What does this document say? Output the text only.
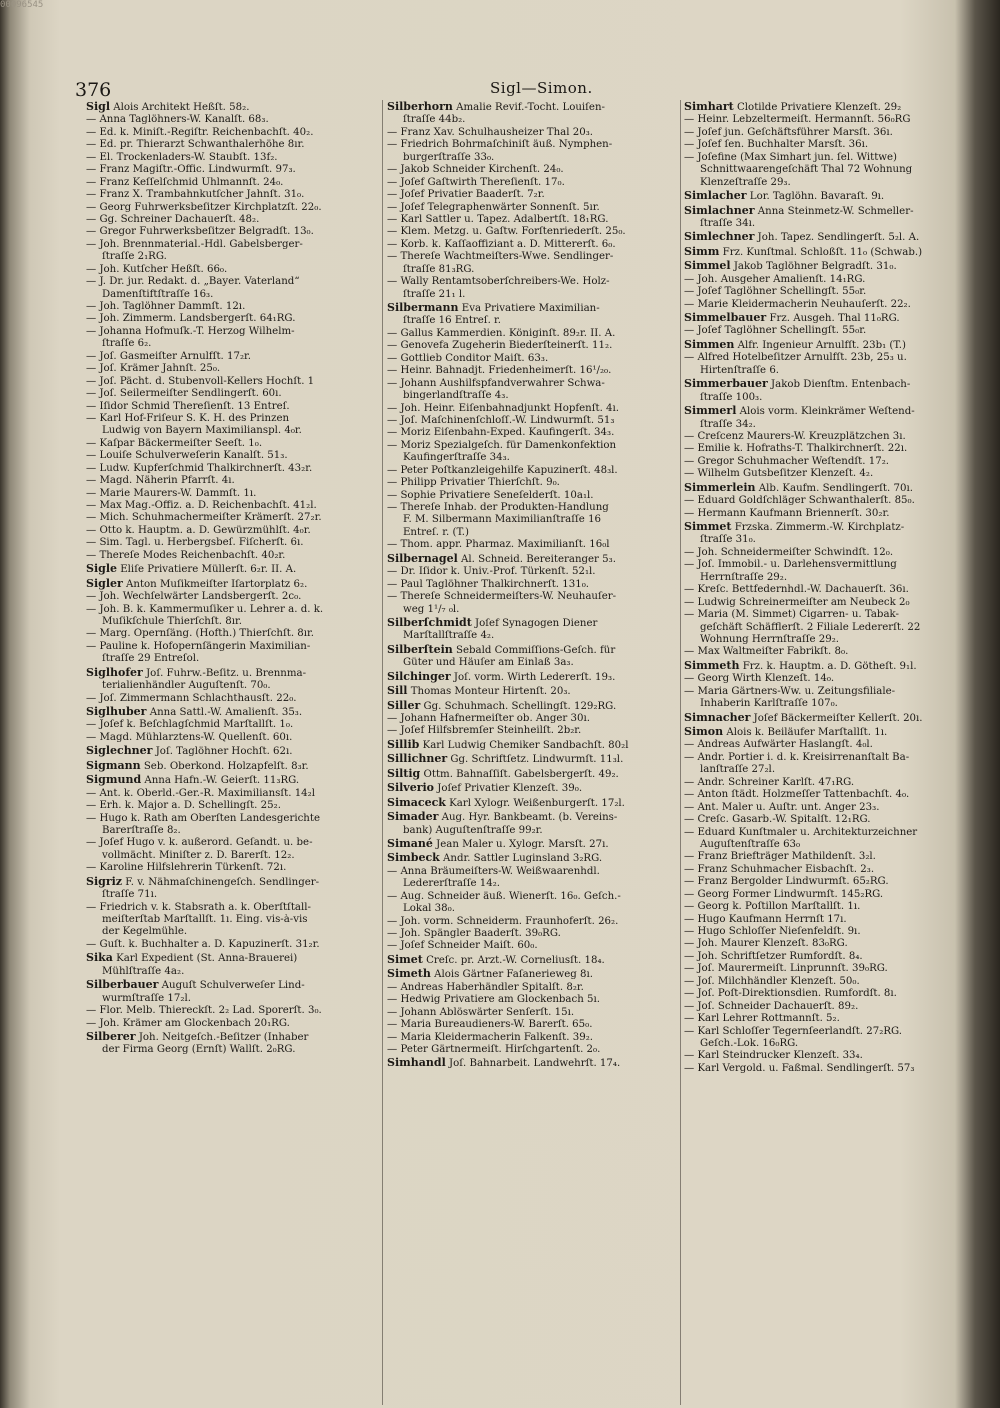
00096545
376	Sigl—Simon.
Sigl Alois Architekt Heßſt. 58₂.
— Anna Taglöhners-W. Kanalſt. 68₃.
— Ed. k. Miniſt.-Regiſtr. Reichenbachſt. 40₂.
— Ed. pr. Thierarzt Schwanthalerhöhe 8ır.
— El. Trockenladers-W. Staubſt. 13f₂.
— Franz Magiſtr.-Offic. Lindwurmſt. 97₃.
— Franz Keſſelſchmid Uhlmannſt. 24₀.
— Franz X. Trambahnkutſcher Jahnſt. 31₀.
— Georg Fuhrwerksbeſitzer Kirchplatzſt. 22₀.
— Gg. Schreiner Dachauerſt. 48₂.
— Gregor Fuhrwerksbeſitzer Belgradſt. 13₀.
— Joh. Brennmaterial.-Hdl. Gabelsberger-
ſtraſſe 2₁RG.
— Joh. Kutſcher Heßſt. 66₀.
— J. Dr. jur. Redakt. d. „Bayer. Vaterland“
Damenſtiftſtraſſe 16₃.
— Joh. Taglöhner Dammſt. 12ı.
— Joh. Zimmerm. Landsbergerſt. 64₁RG.
— Johanna Hofmuſk.-T. Herzog Wilhelm-
ſtraſſe 6₂.
— Joſ. Gasmeiſter Arnulfſt. 17₂r.
— Joſ. Krämer Jahnſt. 25₀.
— Joſ. Pächt. d. Stubenvoll-Kellers Hochſt. 1
— Joſ. Seilermeiſter Sendlingerſt. 60ı.
— Iſidor Schmid Thereſienſt. 13 Entreſ.
— Karl Hof-Friſeur S. K. H. des Prinzen
Ludwig von Bayern Maximilianspl. 4₀r.
— Kaſpar Bäckermeiſter Seeſt. 1₀.
— Louiſe Schulverweſerin Kanalſt. 51₃.
— Ludw. Kupferſchmid Thalkirchnerſt. 43₂r.
— Magd. Näherin Pfarrſt. 4ı.
— Marie Maurers-W. Dammſt. 1ı.
— Max Mag.-Offiz. a. D. Reichenbachſt. 41₂l.
— Mich. Schuhmachermeiſter Krämerſt. 27₂r.
— Otto k. Hauptm. a. D. Gewürzmühlſt. 4₀r.
— Sim. Tagl. u. Herbergsbeſ. Fiſcherſt. 6ı.
— Thereſe Modes Reichenbachſt. 40₂r.
Sigle Eliſe Privatiere Müllerſt. 6₂r. II. A.
Sigler Anton Muſikmeiſter Iſartorplatz 6₂.
— Joh. Wechſelwärter Landsbergerſt. 2c₀.
— Joh. B. k. Kammermuſiker u. Lehrer a. d. k.
Muſikſchule Thierſchſt. 8ır.
— Marg. Opernſäng. (Hofth.) Thierſchſt. 8ır.
— Pauline k. Hofopernſängerin Maximilian-
ſtraſſe 29 Entreſol.
Siglhofer Joſ. Fuhrw.-Beſitz. u. Brennma-
terialienhändler Auguſtenſt. 70₀.
— Joſ. Zimmermann Schlachthausſt. 22₀.
Siglhuber Anna Sattl.-W. Amalienſt. 35₃.
— Joſef k. Beſchlagſchmid Marſtallſt. 1₀.
— Magd. Mühlarztens-W. Quellenſt. 60ı.
Siglechner Joſ. Taglöhner Hochſt. 62ı.
Sigmann Seb. Oberkond. Holzapfelſt. 8₃r.
Sigmund Anna Hafn.-W. Geierſt. 11₃RG.
— Ant. k. Oberld.-Ger.-R. Maximiliansſt. 14₂l
— Erh. k. Major a. D. Schellingſt. 25₂.
— Hugo k. Rath am Oberſten Landesgerichte
Barerſtraſſe 8₂.
— Joſef Hugo v. k. außerord. Geſandt. u. be-
vollmächt. Miniſter z. D. Barerſt. 12₂.
— Karoline Hilfslehrerin Türkenſt. 72ı.
Sigriz F. v. Nähmaſchinengeſch. Sendlinger-
ſtraſſe 71ı.
— Friedrich v. k. Stabsrath a. k. Oberſtſtall-
meiſterſtab Marſtallſt. 1ı. Eing. vis-à-vis
der Kegelmühle.
— Guſt. k. Buchhalter a. D. Kapuzinerſt. 31₂r.
Sika Karl Expedient (St. Anna-Brauerei)
Mühlſtraſſe 4a₂.
Silberbauer Auguſt Schulverweſer Lind-
wurmſtraſſe 17₂l.
— Flor. Melb. Thiereckſt. 2₂ Lad. Sporerſt. 3₀.
— Joh. Krämer am Glockenbach 20₁RG.
Silberer Joh. Neitgeſch.-Beſitzer (Inhaber
der Firma Georg (Ernſt) Wallſt. 2₀RG.
Silberhorn Amalie Revif.-Tocht. Louiſen-
ſtraſſe 44b₂.
— Franz Xav. Schulhausheizer Thal 20₃.
— Friedrich Bohrmaſchiniſt äuß. Nymphen-
burgerſtraſſe 33₀.
— Jakob Schneider Kirchenſt. 24₀.
— Joſef Gaſtwirth Thereſienſt. 17₀.
— Joſef Privatier Baaderſt. 7₂r.
— Joſef Telegraphenwärter Sonnenſt. 5ır.
— Karl Sattler u. Tapez. Adalbertſt. 18₁RG.
— Klem. Metzg. u. Gaſtw. Forſtenriederſt. 25₀.
— Korb. k. Kaſſaoffiziant a. D. Mittererſt. 6₀.
— Thereſe Wachtmeiſters-Wwe. Sendlinger-
ſtraſſe 81₃RG.
— Wally Rentamtsoberſchreibers-We. Holz-
ſtraſſe 21₁ l.
Silbermann Eva Privatiere Maximilian-
ſtraſſe 16 Entreſ. r.
— Gallus Kammerdien. Königinſt. 89₂r. II. A.
— Genovefa Zugeherin Biederſteinerſt. 11₂.
— Gottlieb Conditor Maiſt. 63₃.
— Heinr. Bahnadjt. Friedenheimerſt. 16¹/₂₀.
— Johann Aushilfspfandverwahrer Schwa-
bingerlandſtraſſe 4₃.
— Joh. Heinr. Eiſenbahnadjunkt Hopfenſt. 4ı.
— Joſ. Maſchinenſchloſſ.-W. Lindwurmſt. 51₃
— Moriz Eiſenbahn-Exped. Kaufingerſt. 34₃.
— Moriz Spezialgeſch. für Damenkonfektion
Kaufingerſtraſſe 34₃.
— Peter Poſtkanzleigehilfe Kapuzinerſt. 48₃l.
— Philipp Privatier Thierſchſt. 9₀.
— Sophie Privatiere Seneſelderſt. 10a₁l.
— Thereſe Inhab. der Produkten-Handlung
F. M. Silbermann Maximilianſtraſſe 16
Entreſ. r. (T.)
— Thom. appr. Pharmaz. Maximilianſt. 16₀l
Silbernagel Al. Schneid. Bereiteranger 5₃.
— Dr. Iſidor k. Univ.-Prof. Türkenſt. 52₁l.
— Paul Taglöhner Thalkirchnerſt. 131₀.
— Thereſe Schneidermeiſters-W. Neuhauſer-
weg 1¹/₇ ₀l.
Silberſchmidt Joſef Synagogen Diener
Marſtallſtraſſe 4₂.
Silberſtein Sebald Commiſſions-Geſch. für
Güter und Häuſer am Einlaß 3a₃.
Silchinger Joſ. vorm. Wirth Ledererſt. 19₃.
Sill Thomas Monteur Hirtenſt. 20₃.
Siller Gg. Schuhmach. Schellingſt. 129₂RG.
— Johann Hafnermeiſter ob. Anger 30ı.
— Joſef Hilfsbremſer Steinheilſt. 2b₂r.
Sillib Karl Ludwig Chemiker Sandbachſt. 80₂l
Sillichner Gg. Schriftſetz. Lindwurmſt. 11₃l.
Siltig Ottm. Bahnaſſiſt. Gabelsbergerſt. 49₂.
Silverio Joſef Privatier Klenzeſt. 39₀.
Simaceck Karl Xylogr. Weißenburgerſt. 17₂l.
Simader Aug. Hyr. Bankbeamt. (b. Vereins-
bank) Auguſtenſtraſſe 99₂r.
Simané Jean Maler u. Xylogr. Marsſt. 27ı.
Simbeck Andr. Sattler Luginsland 3₂RG.
— Anna Bräumeiſters-W. Weißwaarenhdl.
Ledererſtraſſe 14₂.
— Aug. Schneider äuß. Wienerſt. 16₀. Geſch.-
Lokal 38₀.
— Joh. vorm. Schneiderm. Fraunhoferſt. 26₂.
— Joh. Spängler Baaderſt. 39₀RG.
— Joſef Schneider Maiſt. 60₀.
Simet Creſc. pr. Arzt.-W. Corneliusſt. 18₄.
Simeth Alois Gärtner Faſanerieweg 8ı.
— Andreas Haberhändler Spitalſt. 8₂r.
— Hedwig Privatiere am Glockenbach 5ı.
— Johann Ablöswärter Senſerſt. 15ı.
— Maria Bureaudieners-W. Barerſt. 65₀.
— Maria Kleidermacherin Falkenſt. 39₂.
— Peter Gärtnermeiſt. Hirſchgartenſt. 2₀.
Simhandl Joſ. Bahnarbeit. Landwehrſt. 17₄.
Simhart Clotilde Privatiere Klenzeſt. 29₂
— Heinr. Lebzeltermeiſt. Hermannſt. 56₀RG
— Joſef jun. Geſchäftsführer Marsſt. 36ı.
— Joſef ſen. Buchhalter Marsſt. 36ı.
— Joſefine (Max Simhart jun. ſel. Wittwe)
Schnittwaarengeſchäft Thal 72 Wohnung
Klenzeſtraſſe 29₃.
Simlacher Lor. Taglöhn. Bavaraſt. 9ı.
Simlachner Anna Steinmetz-W. Schmeller-
ſtraſſe 34ı.
Simlechner Joh. Tapez. Sendlingerſt. 5₂l. A.
Simm Frz. Kunſtmal. Schloßſt. 11₀ (Schwab.)
Simmel Jakob Taglöhner Belgradſt. 31₀.
— Joh. Ausgeher Amalienſt. 14₁RG.
— Joſef Taglöhner Schellingſt. 55₀r.
— Marie Kleidermacherin Neuhauſerſt. 22₂.
Simmelbauer Frz. Ausgeh. Thal 11₀RG.
— Joſef Taglöhner Schellingſt. 55₀r.
Simmen Alfr. Ingenieur Arnulfſt. 23b₁ (T.)
— Alfred Hotelbeſitzer Arnulfſt. 23b, 25₃ u.
Hirtenſtraſſe 6.
Simmerbauer Jakob Dienſtm. Entenbach-
ſtraſſe 100₃.
Simmerl Alois vorm. Kleinkrämer Weſtend-
ſtraſſe 34₂.
— Creſcenz Maurers-W. Kreuzplätzchen 3ı.
— Emilie k. Hofraths-T. Thalkirchnerſt. 22ı.
— Gregor Schuhmacher Weſtendſt. 17₂.
— Wilhelm Gutsbeſitzer Klenzeſt. 4₂.
Simmerlein Alb. Kaufm. Sendlingerſt. 70ı.
— Eduard Goldſchläger Schwanthalerſt. 85₀.
— Hermann Kaufmann Briennerſt. 30₂r.
Simmet Frzska. Zimmerm.-W. Kirchplatz-
ſtraſſe 31₀.
— Joh. Schneidermeiſter Schwindſt. 12₀.
— Joſ. Immobil.- u. Darlehensvermittlung
Herrnſtraſſe 29₂.
— Kreſc. Bettfedernhdl.-W. Dachauerſt. 36ı.
— Ludwig Schreinermeiſter am Neubeck 2₀
— Maria (M. Simmet) Cigarren- u. Tabak-
geſchäft Schäfflerſt. 2 Filiale Ledererſt. 22
Wohnung Herrnſtraſſe 29₂.
— Max Waltmeiſter Fabrikſt. 8₀.
Simmeth Frz. k. Hauptm. a. D. Götheſt. 9₁l.
— Georg Wirth Klenzeſt. 14₀.
— Maria Gärtners-Ww. u. Zeitungsfiliale-
Inhaberin Karlſtraſſe 107₀.
Simnacher Joſef Bäckermeiſter Kellerſt. 20ı.
Simon Alois k. Beiläufer Marſtallſt. 1ı.
— Andreas Aufwärter Haslangſt. 4₀l.
— Andr. Portier i. d. k. Kreisirrenanſtalt Ba-
lanſtraſſe 27₂l.
— Andr. Schreiner Karlſt. 47₁RG.
— Anton ſtädt. Holzmeſſer Tattenbachſt. 4₀.
— Ant. Maler u. Auſtr. unt. Anger 23₃.
— Creſc. Gasarb.-W. Spitalſt. 12₁RG.
— Eduard Kunſtmaler u. Architekturzeichner
Auguſtenſtraſſe 63₀
— Franz Briefträger Mathildenſt. 3₂l.
— Franz Schuhmacher Eisbachſt. 2₃.
— Franz Bergolder Lindwurmſt. 65₂RG.
— Georg Former Lindwurmſt. 145₂RG.
— Georg k. Poſtillon Marſtallſt. 1ı.
— Hugo Kaufmann Herrnſt 17ı.
— Hugo Schloſſer Nieſenfeldſt. 9ı.
— Joh. Maurer Klenzeſt. 83₀RG.
— Joh. Schriftſetzer Rumfordſt. 8₄.
— Joſ. Maurermeiſt. Linprunnſt. 39₀RG.
— Joſ. Milchhändler Klenzeſt. 50₀.
— Joſ. Poſt-Direktionsdien. Rumfordſt. 8ı.
— Joſ. Schneider Dachauerſt. 89₂.
— Karl Lehrer Rottmannſt. 5₂.
— Karl Schloſſer Tegernſeerlandſt. 27₂RG.
Geſch.-Lok. 16₀RG.
— Karl Steindrucker Klenzeſt. 33₄.
— Karl Vergold. u. Faßmal. Sendlingerſt. 57₃
